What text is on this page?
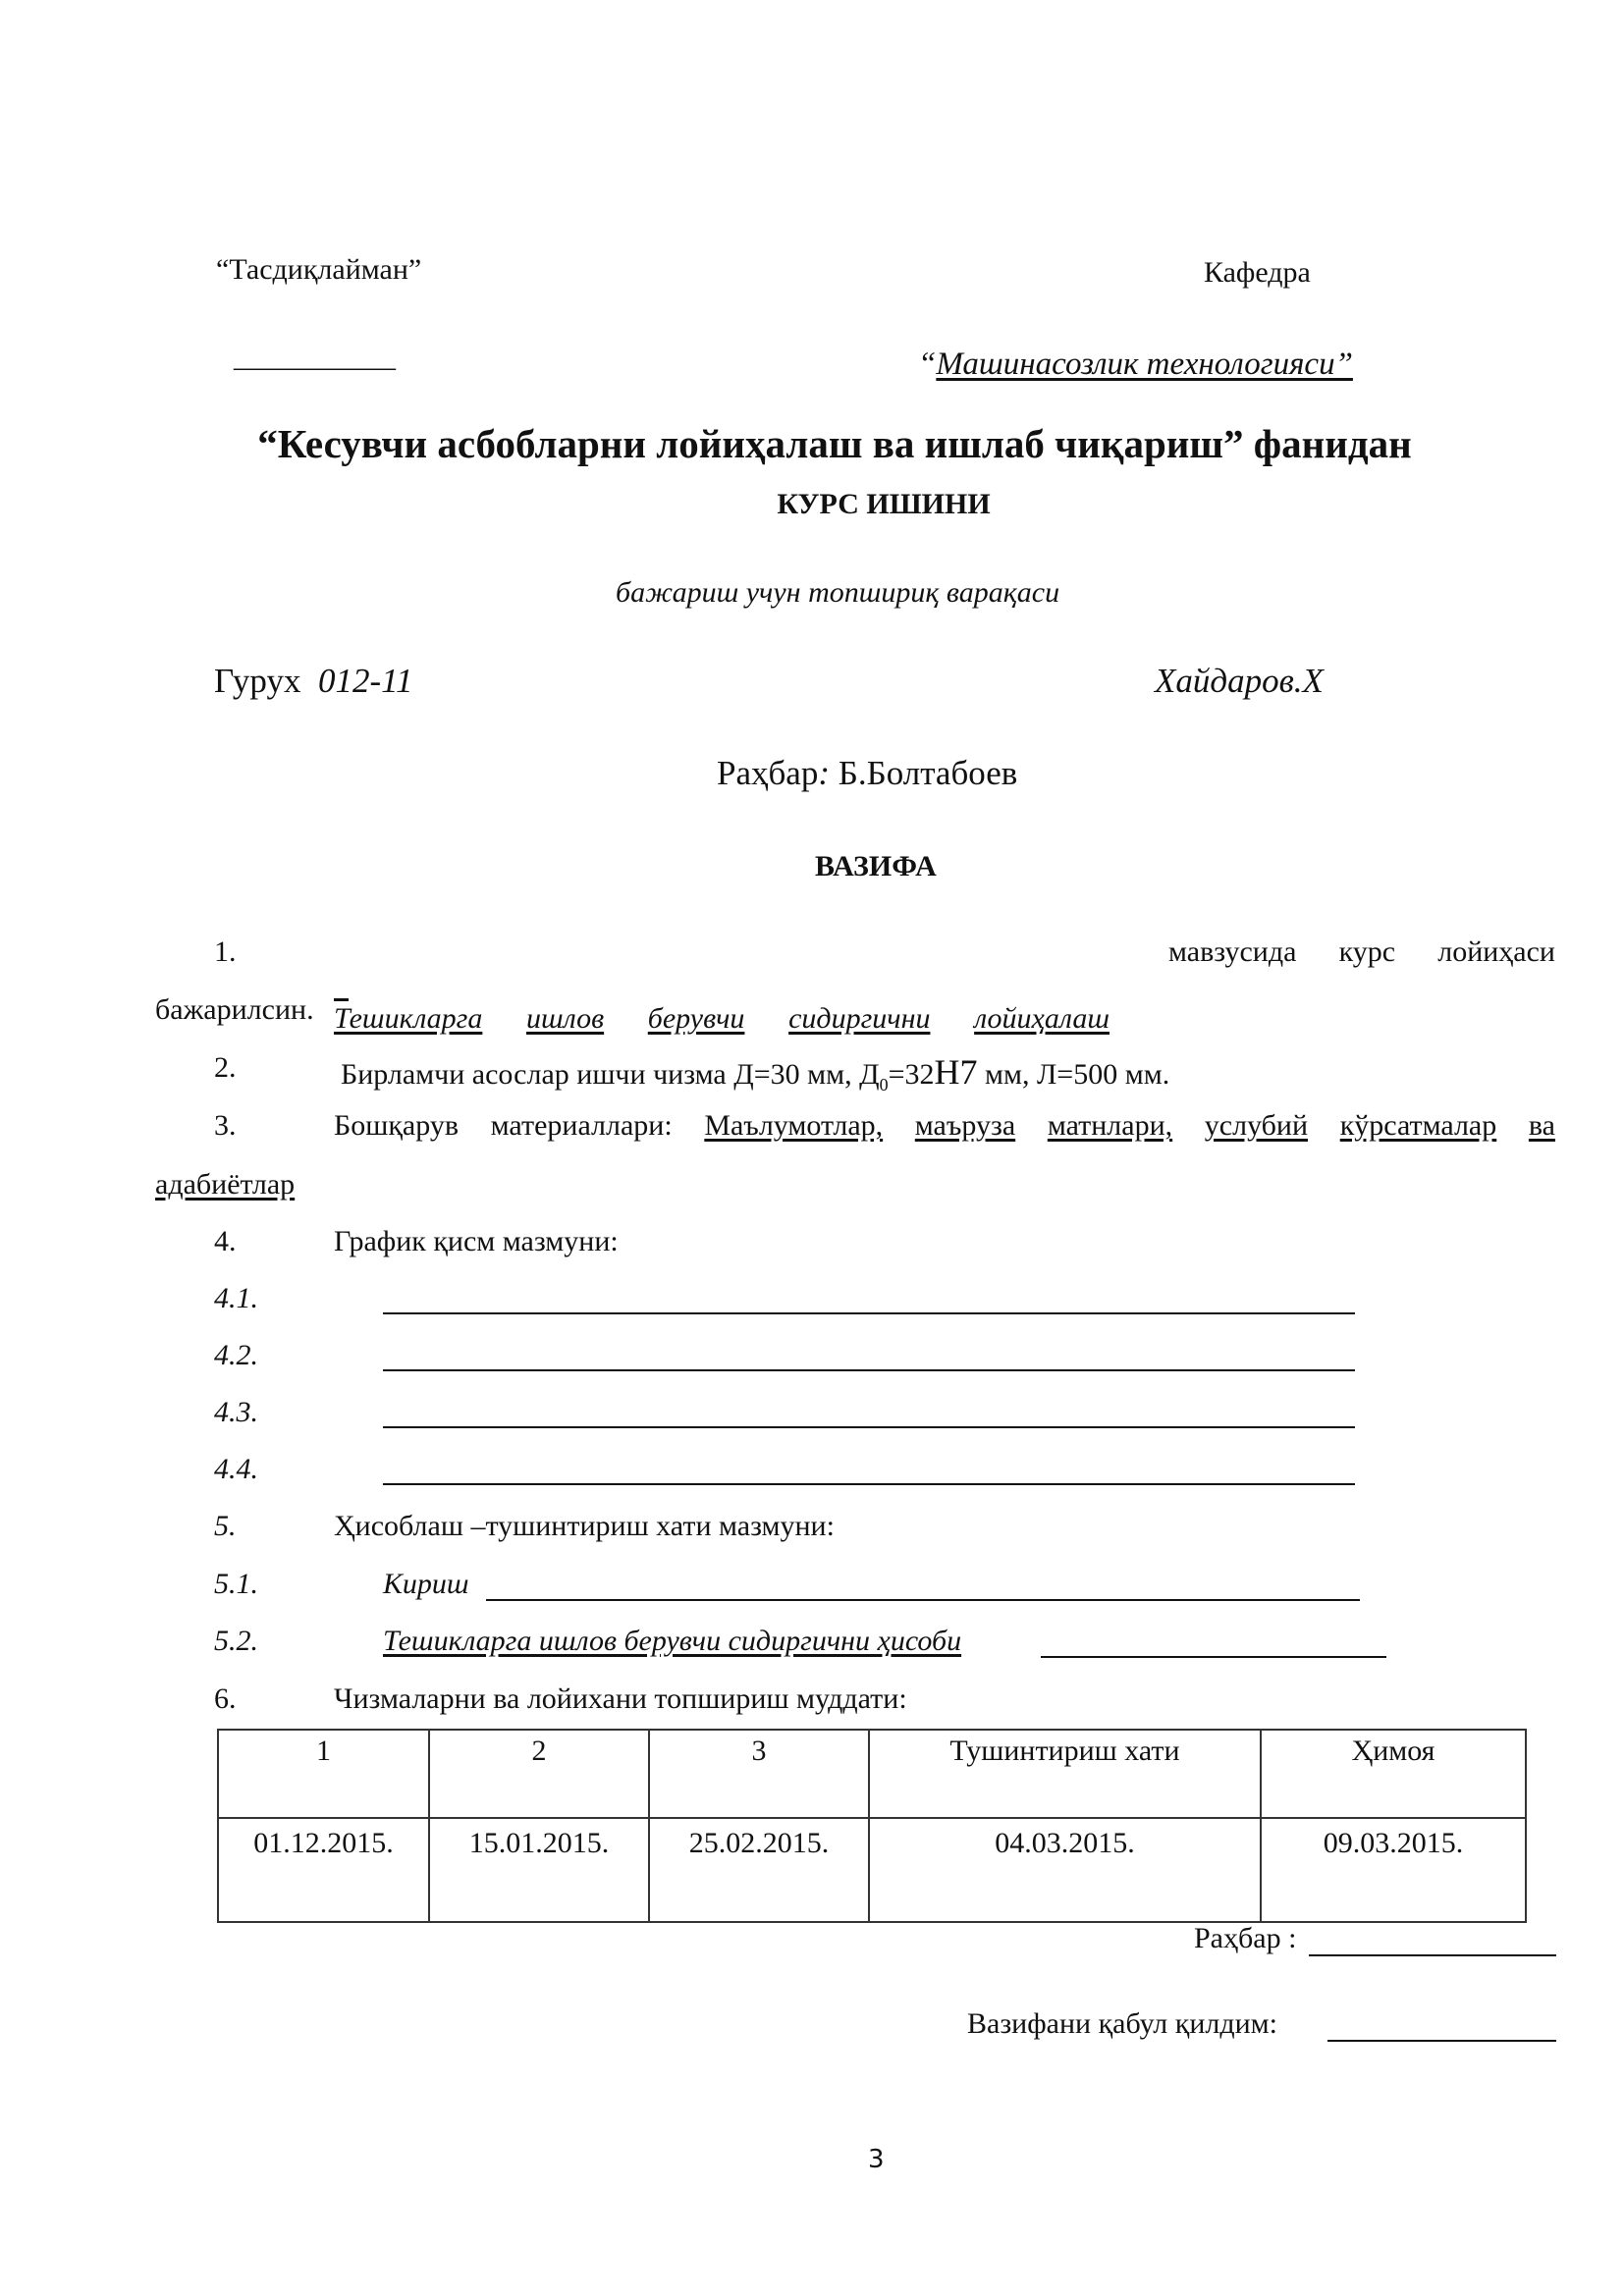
“Тасдиқлайман”	Кафедра
___________	“Машинасозлик технологияси”
“Кесувчи асбобларни лойиҳалаш ва ишлаб чиқариш” фанидан
КУРС ИШИНИ
бажариш учун топшириқ варақаси
Гурух 012-11	Хайдаров.Х
Раҳбар: Б.Болтабоев
ВАЗИФА
1.

Тешикларга ишлов берувчи сидиргични лойиҳалаш

мавзусида курс лойиҳаси
бажарилсин.
2.	Бирламчи асослар ишчи чизма Д=30 мм, $Д_0=32Н7$ мм, Л=500 мм.
3.	Бошқарув материаллари: Маълумотлар, маъруза матнлари, услубий кўрсатмалар ва
адабиётлар
4.	График қисм мазмуни:
4.1.
4.2.
4.3.
4.4.
5.	Ҳисоблаш –тушинтириш хати мазмуни:
5.1.	Кириш
5.2.	Тешикларга ишлов берувчи сидиргични ҳисоби
6.	Чизмаларни ва лойихани топшириш муддати:
1	2	3	Тушинтириш хати	Ҳимоя
01.12.2015.	15.01.2015.	25.02.2015.	04.03.2015.	09.03.2015.
Раҳбар :
Вазифани қабул қилдим:
3
